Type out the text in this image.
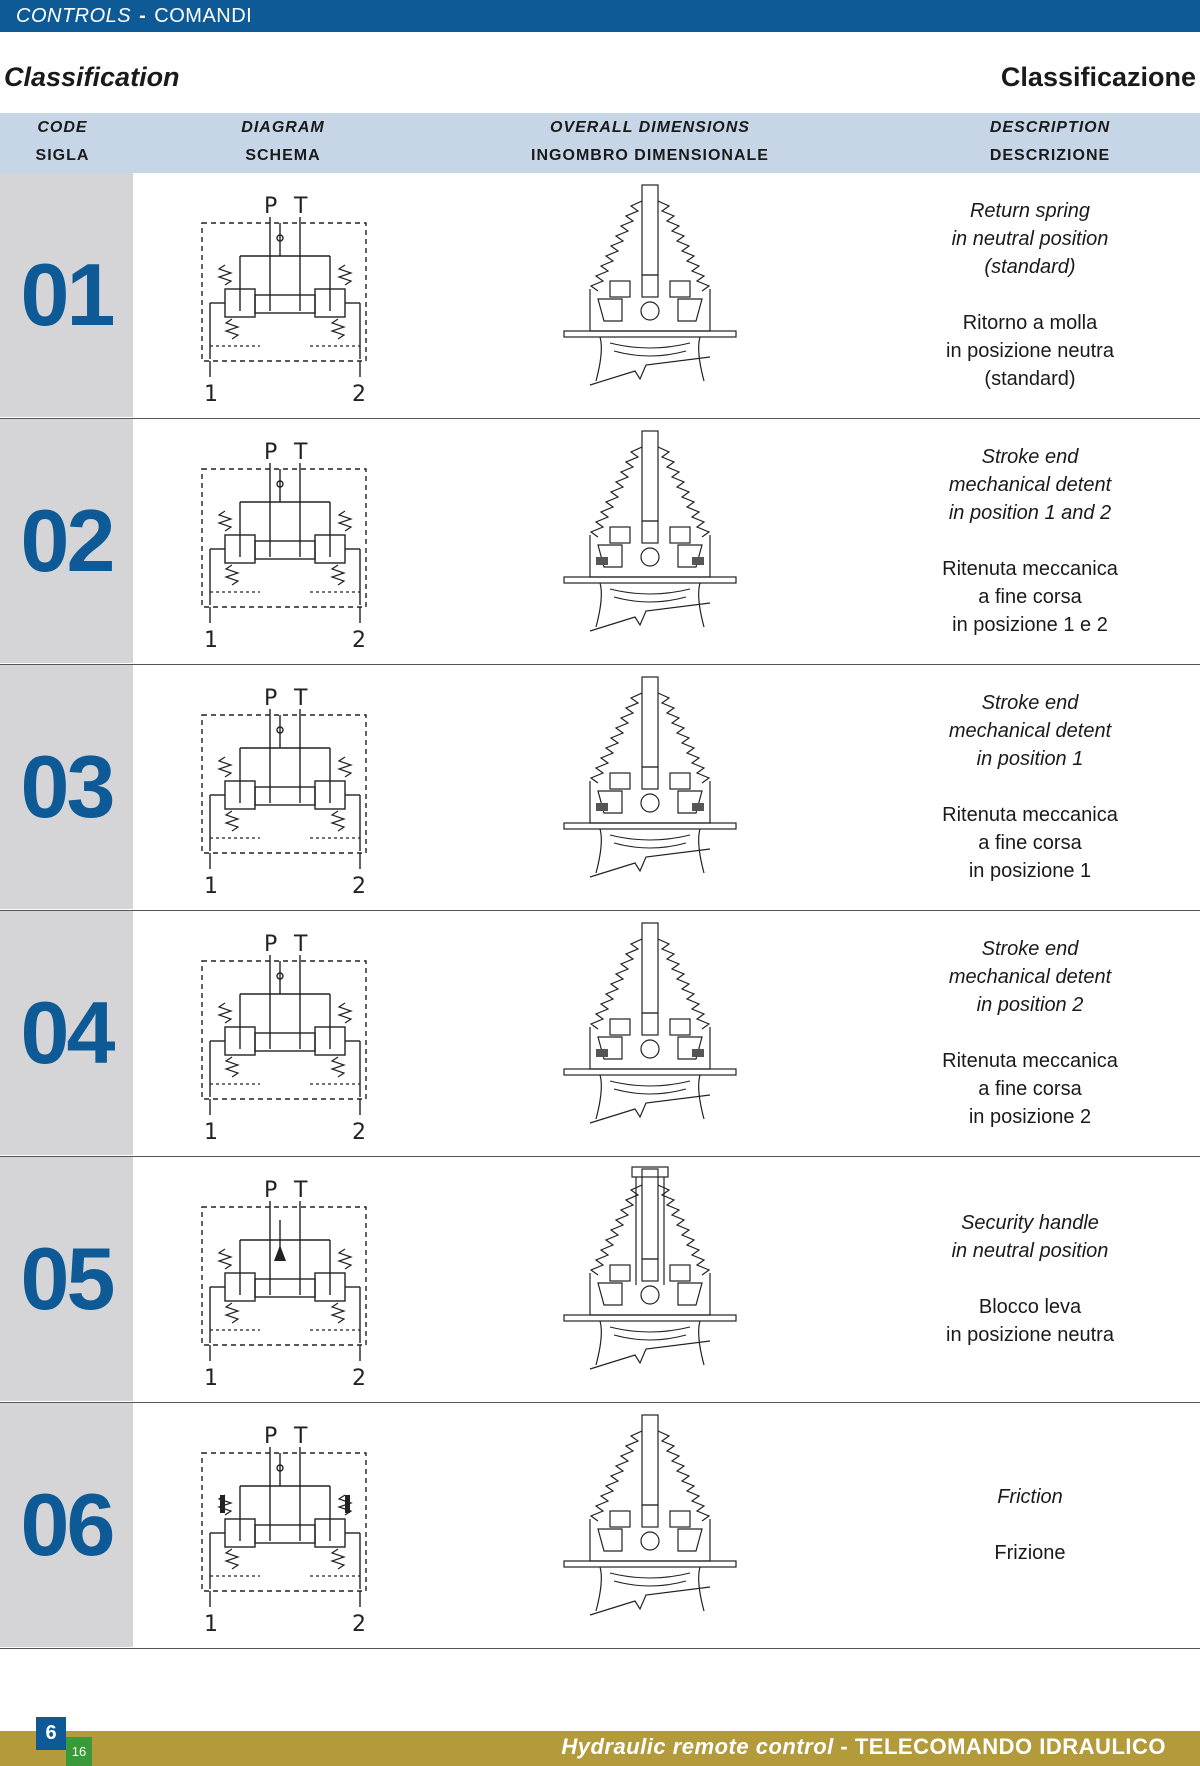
CONTROLS - COMANDI
Classification	Classificazione
CODE
SIGLA
DIAGRAM
SCHEMA
OVERALL DIMENSIONS
INGOMBRO DIMENSIONALE
DESCRIPTION
DESCRIZIONE
01
P T
1	2
Return spring
in neutral position
(standard)
Ritorno a molla
in posizione neutra
(standard)
02
P T
1	2
Stroke end
mechanical detent
in position 1 and 2
Ritenuta meccanica
a fine corsa
in posizione 1 e 2
03
P T
1	2
Stroke end
mechanical detent
in position 1
Ritenuta meccanica
a fine corsa
in posizione 1
04
P T
1	2
Stroke end
mechanical detent
in position 2
Ritenuta meccanica
a fine corsa
in posizione 2
05
P T
1	2
Security handle
in neutral position
Blocco leva
in posizione neutra
06
P T
1	2
Friction
Frizione
Hydraulic remote control - TELECOMANDO IDRAULICO
6
16
